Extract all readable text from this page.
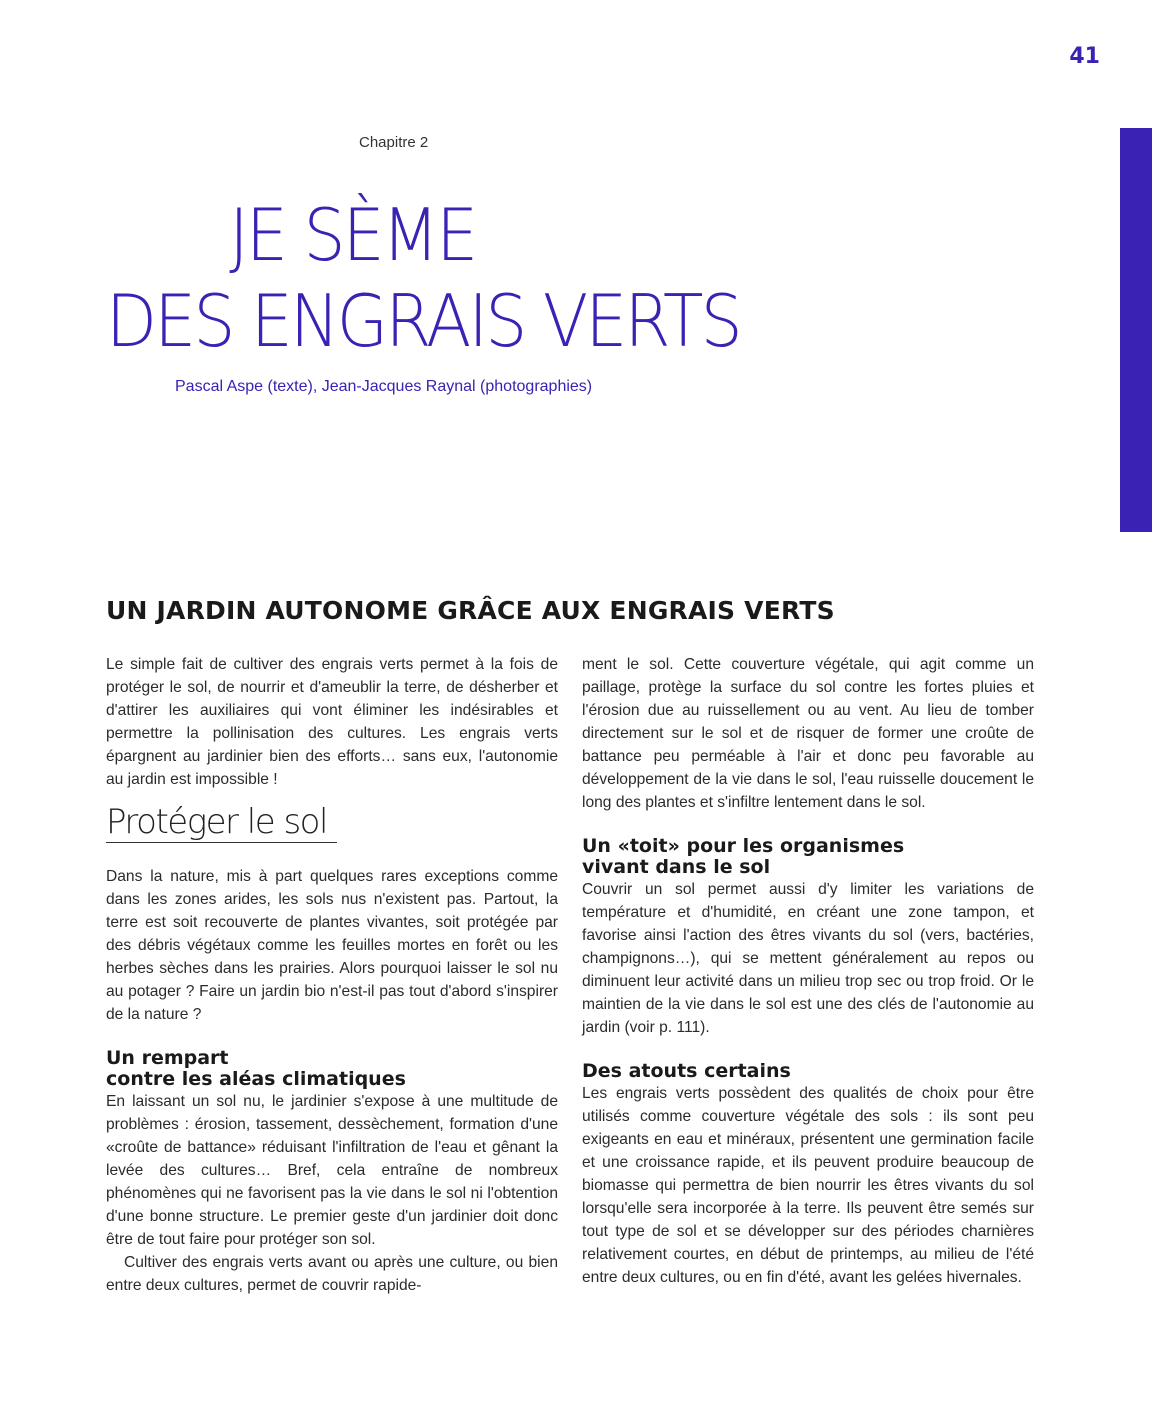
41
Chapitre 2
JE SÈME
DES ENGRAIS VERTS
Pascal Aspe (texte), Jean-Jacques Raynal (photographies)
UN JARDIN AUTONOME GRÂCE AUX ENGRAIS VERTS

Le simple fait de cultiver des engrais verts permet à la fois de protéger le sol, de nourrir et d'ameublir la terre, de désherber et d'attirer les auxiliaires qui vont éliminer les indésirables et permettre la pollinisation des cultures. Les engrais verts épargnent au jardinier bien des efforts… sans eux, l'autonomie au jardin est impossible !

Protéger le sol

Dans la nature, mis à part quelques rares exceptions comme dans les zones arides, les sols nus n'existent pas. Partout, la terre est soit recouverte de plantes vivantes, soit protégée par des débris végétaux comme les feuilles mortes en forêt ou les herbes sèches dans les prairies. Alors pourquoi laisser le sol nu au potager ? Faire un jardin bio n'est-il pas tout d'abord s'inspirer de la nature ?

Un rempart
contre les aléas climatiques

En laissant un sol nu, le jardinier s'expose à une multitude de problèmes : érosion, tassement, dessèchement, formation d'une «croûte de battance» réduisant l'infiltration de l'eau et gênant la levée des cultures… Bref, cela entraîne de nombreux phénomènes qui ne favorisent pas la vie dans le sol ni l'obtention d'une bonne structure. Le premier geste d'un jardinier doit donc être de tout faire pour protéger son sol.

Cultiver des engrais verts avant ou après une culture, ou bien entre deux cultures, permet de couvrir rapide-

ment le sol. Cette couverture végétale, qui agit comme un paillage, protège la surface du sol contre les fortes pluies et l'érosion due au ruissellement ou au vent. Au lieu de tomber directement sur le sol et de risquer de former une croûte de battance peu perméable à l'air et donc peu favorable au développement de la vie dans le sol, l'eau ruisselle doucement le long des plantes et s'infiltre lentement dans le sol.

Un «toit» pour les organismes
vivant dans le sol

Couvrir un sol permet aussi d'y limiter les variations de température et d'humidité, en créant une zone tampon, et favorise ainsi l'action des êtres vivants du sol (vers, bactéries, champignons…), qui se mettent généralement au repos ou diminuent leur activité dans un milieu trop sec ou trop froid. Or le maintien de la vie dans le sol est une des clés de l'autonomie au jardin (voir p. 111).

Des atouts certains

Les engrais verts possèdent des qualités de choix pour être utilisés comme couverture végétale des sols : ils sont peu exigeants en eau et minéraux, présentent une germination facile et une croissance rapide, et ils peuvent produire beaucoup de biomasse qui permettra de bien nourrir les êtres vivants du sol lorsqu'elle sera incorporée à la terre. Ils peuvent être semés sur tout type de sol et se développer sur des périodes charnières relativement courtes, en début de printemps, au milieu de l'été entre deux cultures, ou en fin d'été, avant les gelées hivernales.
